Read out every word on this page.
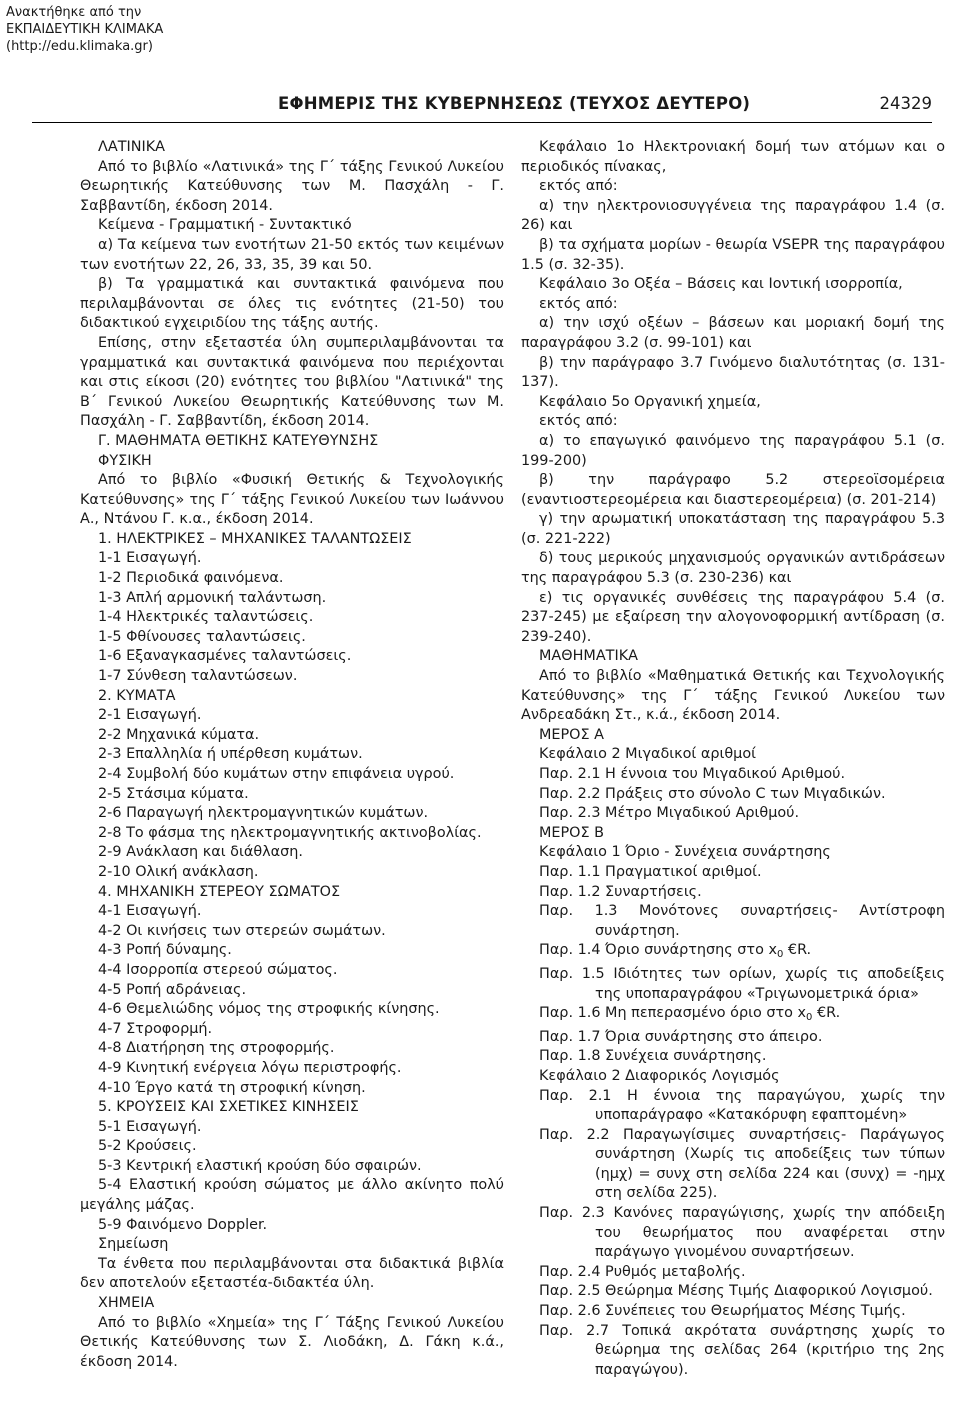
Ανακτήθηκε από την
ΕΚΠΑΙΔΕΥΤΙΚΗ ΚΛΙΜΑΚΑ
(http://edu.klimaka.gr)
ΕΦΗΜΕΡΙΣ ΤΗΣ ΚΥΒΕΡΝΗΣΕΩΣ (ΤΕΥΧΟΣ ΔΕΥΤΕΡΟ)	24329

ΛΑΤΙΝΙΚΑ

Από το βιβλίο «Λατινικά» της Γ΄ τάξης Γενικού Λυκείου Θεωρητικής Κατεύθυνσης των Μ. Πασχάλη - Γ. Σαββαντίδη, έκδοση 2014.

Κείμενα - Γραμματική - Συντακτικό

α) Τα κείμενα των ενοτήτων 21-50 εκτός των κειμένων των ενοτήτων 22, 26, 33, 35, 39 και 50.

β) Τα γραμματικά και συντακτικά φαινόμενα που περιλαμβάνονται σε όλες τις ενότητες (21-50) του διδακτικού εγχειριδίου της τάξης αυτής.

Επίσης, στην εξεταστέα ύλη συμπεριλαμβάνονται τα γραμματικά και συντακτικά φαινόμενα που περιέχονται και στις είκοσι (20) ενότητες του βιβλίου "Λατινικά" της Β΄ Γενικού Λυκείου Θεωρητικής Κατεύθυνσης των Μ. Πασχάλη - Γ. Σαββαντίδη, έκδοση 2014.

Γ. ΜΑΘΗΜΑΤΑ ΘΕΤΙΚΗΣ ΚΑΤΕΥΘΥΝΣΗΣ

ΦΥΣΙΚΗ

Από το βιβλίο «Φυσική Θετικής & Τεχνολογικής Κατεύθυνσης» της Γ΄ τάξης Γενικού Λυκείου των Ιωάννου Α., Ντάνου Γ. κ.α., έκδοση 2014.

1. ΗΛΕΚΤΡΙΚΕΣ – ΜΗΧΑΝΙΚΕΣ ΤΑΛΑΝΤΩΣΕΙΣ

1-1 Εισαγωγή.

1-2 Περιοδικά φαινόμενα.

1-3 Απλή αρμονική ταλάντωση.

1-4 Ηλεκτρικές ταλαντώσεις.

1-5 Φθίνουσες ταλαντώσεις.

1-6 Εξαναγκασμένες ταλαντώσεις.

1-7 Σύνθεση ταλαντώσεων.

2. ΚΥΜΑΤΑ

2-1 Εισαγωγή.

2-2 Μηχανικά κύματα.

2-3 Επαλληλία ή υπέρθεση κυμάτων.

2-4 Συμβολή δύο κυμάτων στην επιφάνεια υγρού.

2-5 Στάσιμα κύματα.

2-6 Παραγωγή ηλεκτρομαγνητικών κυμάτων.

2-8 Το φάσμα της ηλεκτρομαγνητικής ακτινοβολίας.

2-9 Ανάκλαση και διάθλαση.

2-10 Ολική ανάκλαση.

4. ΜΗΧΑΝΙΚΗ ΣΤΕΡΕΟΥ ΣΩΜΑΤΟΣ

4-1 Εισαγωγή.

4-2 Οι κινήσεις των στερεών σωμάτων.

4-3 Ροπή δύναμης.

4-4 Ισορροπία στερεού σώματος.

4-5 Ροπή αδράνειας.

4-6 Θεμελιώδης νόμος της στροφικής κίνησης.

4-7 Στροφορμή.

4-8 Διατήρηση της στροφορμής.

4-9 Κινητική ενέργεια λόγω περιστροφής.

4-10 Έργο κατά τη στροφική κίνηση.

5. ΚΡΟΥΣΕΙΣ ΚΑΙ ΣΧΕΤΙΚΕΣ ΚΙΝΗΣΕΙΣ

5-1 Εισαγωγή.

5-2 Κρούσεις.

5-3 Κεντρική ελαστική κρούση δύο σφαιρών.

5-4 Ελαστική κρούση σώματος με άλλο ακίνητο πολύ μεγάλης μάζας.

5-9 Φαινόμενο Doppler.

Σημείωση

Τα ένθετα που περιλαμβάνονται στα διδακτικά βιβλία δεν αποτελούν εξεταστέα-διδακτέα ύλη.

ΧΗΜΕΙΑ

Από το βιβλίο «Χημεία» της Γ΄ Τάξης Γενικού Λυκείου Θετικής Κατεύθυνσης των Σ. Λιοδάκη, Δ. Γάκη κ.ά., έκδοση 2014.

Κεφάλαιο 1ο Ηλεκτρονιακή δομή των ατόμων και ο περιοδικός πίνακας,

εκτός από:

α) την ηλεκτρονιοσυγγένεια της παραγράφου 1.4 (σ. 26) και

β) τα σχήματα μορίων - θεωρία VSEPR της παραγράφου 1.5 (σ. 32-35).

Κεφάλαιο 3ο Οξέα – Βάσεις και Ιοντική ισορροπία,

εκτός από:

α) την ισχύ οξέων – βάσεων και μοριακή δομή της παραγράφου 3.2 (σ. 99-101) και

β) την παράγραφο 3.7 Γινόμενο διαλυτότητας (σ. 131-137).

Κεφάλαιο 5ο Οργανική χημεία,

εκτός από:

α) το επαγωγικό φαινόμενο της παραγράφου 5.1 (σ. 199-200)

β) την παράγραφο 5.2 στερεοϊσομέρεια (εναντιοστερεομέρεια και διαστερεομέρεια) (σ. 201-214)

γ) την αρωματική υποκατάσταση της παραγράφου 5.3 (σ. 221-222)

δ) τους μερικούς μηχανισμούς οργανικών αντιδράσεων της παραγράφου 5.3 (σ. 230-236) και

ε) τις οργανικές συνθέσεις της παραγράφου 5.4 (σ. 237-245) με εξαίρεση την αλογονοφορμική αντίδραση (σ. 239-240).

ΜΑΘΗΜΑΤΙΚΑ

Από το βιβλίο «Μαθηματικά Θετικής και Τεχνολογικής Κατεύθυνσης» της Γ΄ τάξης Γενικού Λυκείου των Ανδρεαδάκη Στ., κ.ά., έκδοση 2014.

ΜΕΡΟΣ Α

Κεφάλαιο 2 Μιγαδικοί αριθμοί

Παρ. 2.1 Η έννοια του Μιγαδικού Αριθμού.

Παρ. 2.2 Πράξεις στο σύνολο C των Μιγαδικών.

Παρ. 2.3 Μέτρο Μιγαδικού Αριθμού.

ΜΕΡΟΣ Β

Κεφάλαιο 1 Όριο - Συνέχεια συνάρτησης

Παρ. 1.1 Πραγματικοί αριθμοί.

Παρ. 1.2 Συναρτήσεις.

Παρ. 1.3 Μονότονες συναρτήσεις- Αντίστροφη συνάρτηση.

Παρ. 1.4 Όριο συνάρτησης στο $x_0$ €R.

Παρ. 1.5 Ιδιότητες των ορίων, χωρίς τις αποδείξεις της υποπαραγράφου «Τριγωνομετρικά όρια»

Παρ. 1.6 Μη πεπερασμένο όριο στο $x_0$ €R.

Παρ. 1.7 Όρια συνάρτησης στο άπειρο.

Παρ. 1.8 Συνέχεια συνάρτησης.

Κεφάλαιο 2 Διαφορικός Λογισμός

Παρ. 2.1 Η έννοια της παραγώγου, χωρίς την υποπαράγραφο «Κατακόρυφη εφαπτομένη»

Παρ. 2.2 Παραγωγίσιμες συναρτήσεις- Παράγωγος συνάρτηση (Χωρίς τις αποδείξεις των τύπων (ημχ) = συνχ στη σελίδα 224 και (συνχ) = -ημχ στη σελίδα 225).

Παρ. 2.3 Κανόνες παραγώγισης, χωρίς την απόδειξη του θεωρήματος που αναφέρεται στην παράγωγο γινομένου συναρτήσεων.

Παρ. 2.4 Ρυθμός μεταβολής.

Παρ. 2.5 Θεώρημα Μέσης Τιμής Διαφορικού Λογισμού.

Παρ. 2.6 Συνέπειες του Θεωρήματος Μέσης Τιμής.

Παρ. 2.7 Τοπικά ακρότατα συνάρτησης χωρίς το θεώρημα της σελίδας 264 (κριτήριο της 2ης παραγώγου).
